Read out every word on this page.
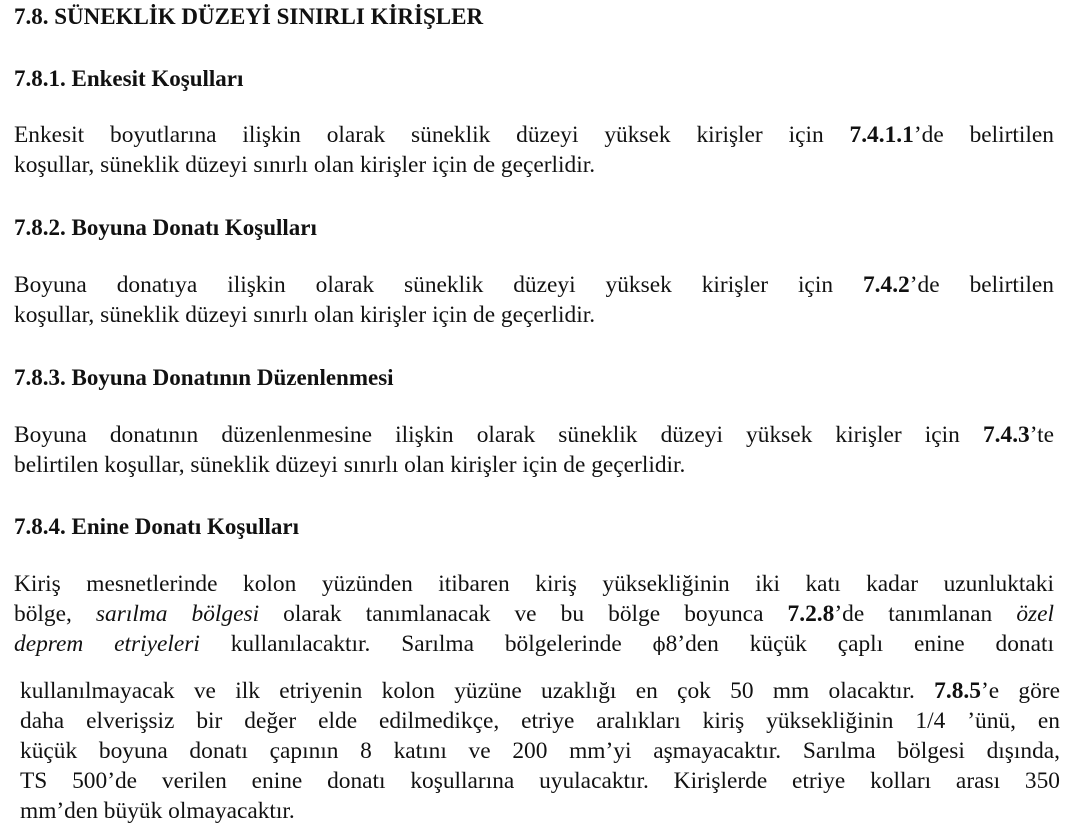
7.8. SÜNEKLİK DÜZEYİ SINIRLI KİRİŞLER
7.8.1. Enkesit Koşulları
Enkesit boyutlarına ilişkin olarak süneklik düzeyi yüksek kirişler için 7.4.1.1’de belirtilen
koşullar, süneklik düzeyi sınırlı olan kirişler için de geçerlidir.
7.8.2. Boyuna Donatı Koşulları
Boyuna donatıya ilişkin olarak süneklik düzeyi yüksek kirişler için 7.4.2’de belirtilen
koşullar, süneklik düzeyi sınırlı olan kirişler için de geçerlidir.
7.8.3. Boyuna Donatının Düzenlenmesi
Boyuna donatının düzenlenmesine ilişkin olarak süneklik düzeyi yüksek kirişler için 7.4.3’te
belirtilen koşullar, süneklik düzeyi sınırlı olan kirişler için de geçerlidir.
7.8.4. Enine Donatı Koşulları
Kiriş mesnetlerinde kolon yüzünden itibaren kiriş yüksekliğinin iki katı kadar uzunluktaki
bölge, sarılma bölgesi olarak tanımlanacak ve bu bölge boyunca 7.2.8’de tanımlanan özel
deprem etriyeleri kullanılacaktır. Sarılma bölgelerinde ϕ8’den küçük çaplı enine donatı
kullanılmayacak ve ilk etriyenin kolon yüzüne uzaklığı en çok 50 mm olacaktır. 7.8.5’e göre
daha elverişsiz bir değer elde edilmedikçe, etriye aralıkları kiriş yüksekliğinin 1/4 ’ünü, en
küçük boyuna donatı çapının 8 katını ve 200 mm’yi aşmayacaktır. Sarılma bölgesi dışında,
TS 500’de verilen enine donatı koşullarına uyulacaktır. Kirişlerde etriye kolları arası 350
mm’den büyük olmayacaktır.
